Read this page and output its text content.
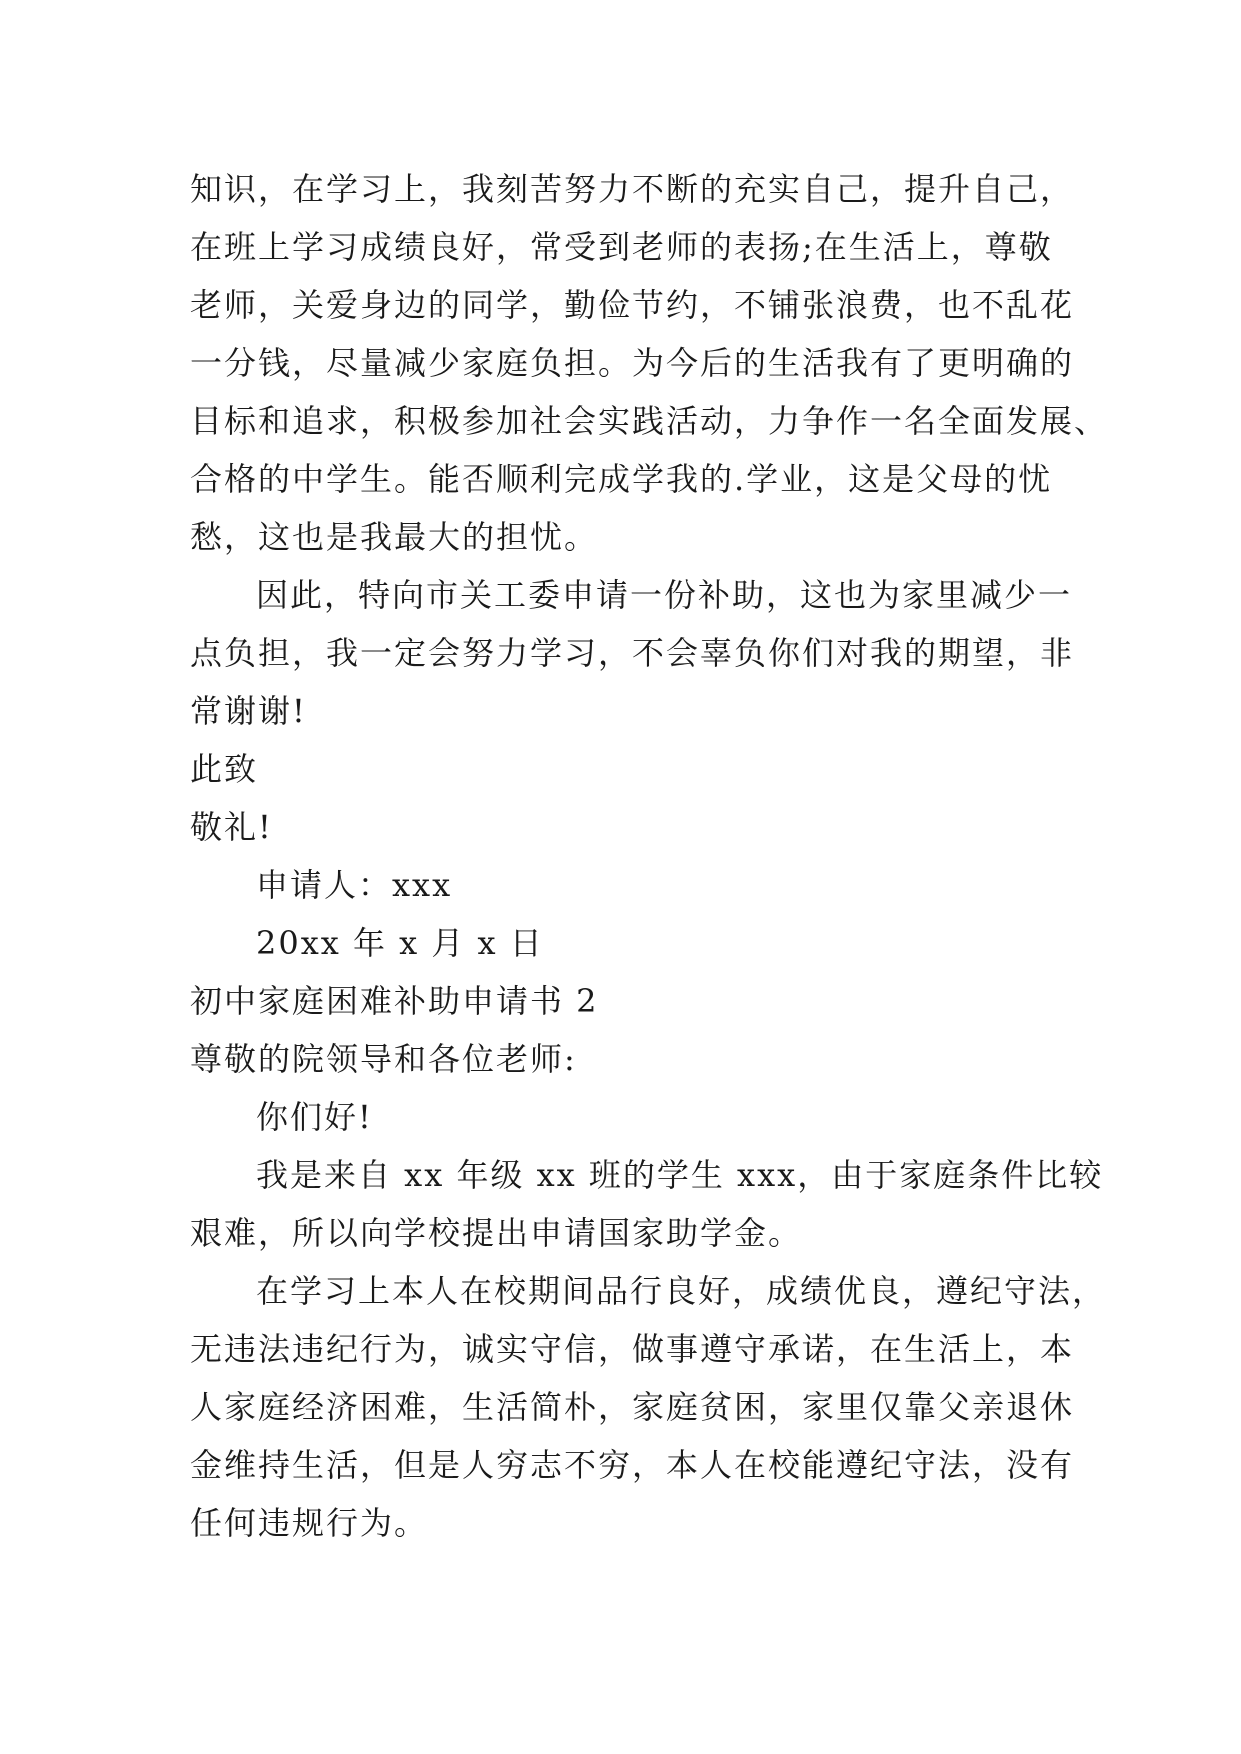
知识，在学习上，我刻苦努力不断的充实自己，提升自己，
在班上学习成绩良好，常受到老师的表扬;在生活上，尊敬
老师，关爱身边的同学，勤俭节约，不铺张浪费，也不乱花
一分钱，尽量减少家庭负担。为今后的生活我有了更明确的
目标和追求，积极参加社会实践活动，力争作一名全面发展、
合格的中学生。能否顺利完成学我的.学业，这是父母的忧
愁，这也是我最大的担忧。
因此，特向市关工委申请一份补助，这也为家里减少一
点负担，我一定会努力学习，不会辜负你们对我的期望，非
常谢谢!
此致
敬礼!
申请人：xxx
20xx 年 x 月 x 日
初中家庭困难补助申请书 2
尊敬的院领导和各位老师:
你们好!
我是来自 xx 年级 xx 班的学生 xxx，由于家庭条件比较
艰难，所以向学校提出申请国家助学金。
在学习上本人在校期间品行良好，成绩优良，遵纪守法，
无违法违纪行为，诚实守信，做事遵守承诺，在生活上，本
人家庭经济困难，生活简朴，家庭贫困，家里仅靠父亲退休
金维持生活，但是人穷志不穷，本人在校能遵纪守法，没有
任何违规行为。
